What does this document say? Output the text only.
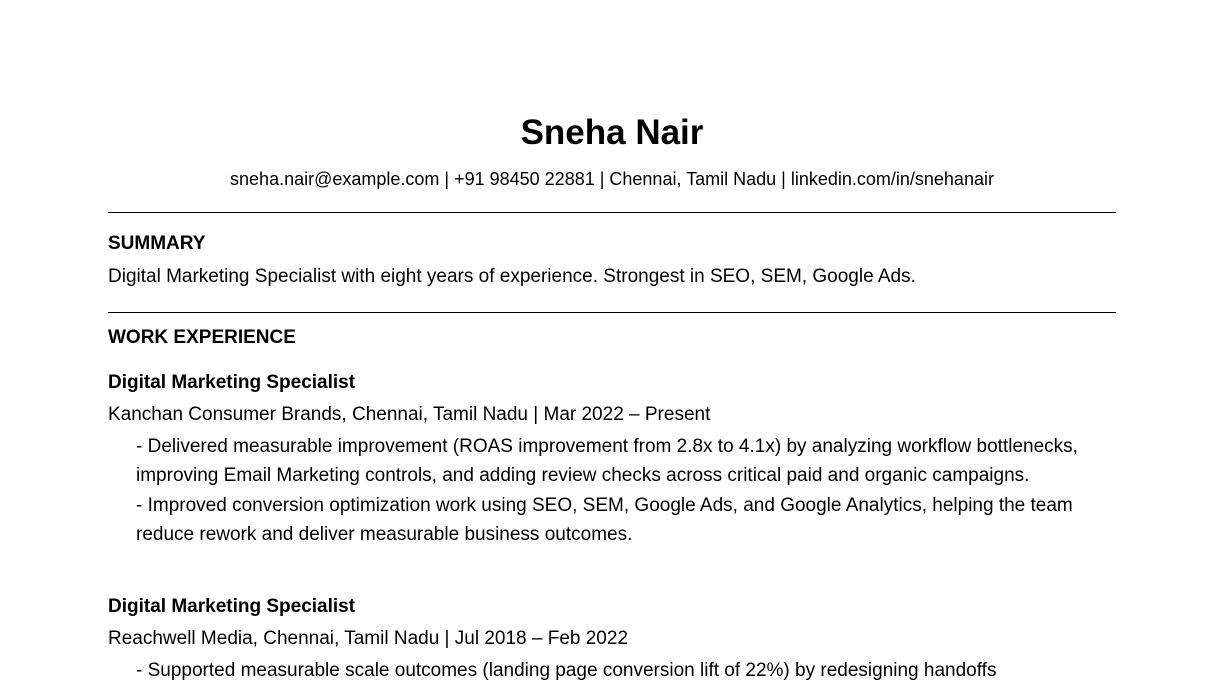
Sneha Nair
sneha.nair@example.com | +91 98450 22881 | Chennai, Tamil Nadu | linkedin.com/in/snehanair
SUMMARY
Digital Marketing Specialist with eight years of experience. Strongest in SEO, SEM, Google Ads.
WORK EXPERIENCE
Digital Marketing Specialist
Kanchan Consumer Brands, Chennai, Tamil Nadu | Mar 2022 – Present
- Delivered measurable improvement (ROAS improvement from 2.8x to 4.1x) by analyzing workflow bottlenecks, improving Email Marketing controls, and adding review checks across critical paid and organic campaigns.
- Improved conversion optimization work using SEO, SEM, Google Ads, and Google Analytics, helping the team reduce rework and deliver measurable business outcomes.
Digital Marketing Specialist
Reachwell Media, Chennai, Tamil Nadu | Jul 2018 – Feb 2022
- Supported measurable scale outcomes (landing page conversion lift of 22%) by redesigning handoffs
